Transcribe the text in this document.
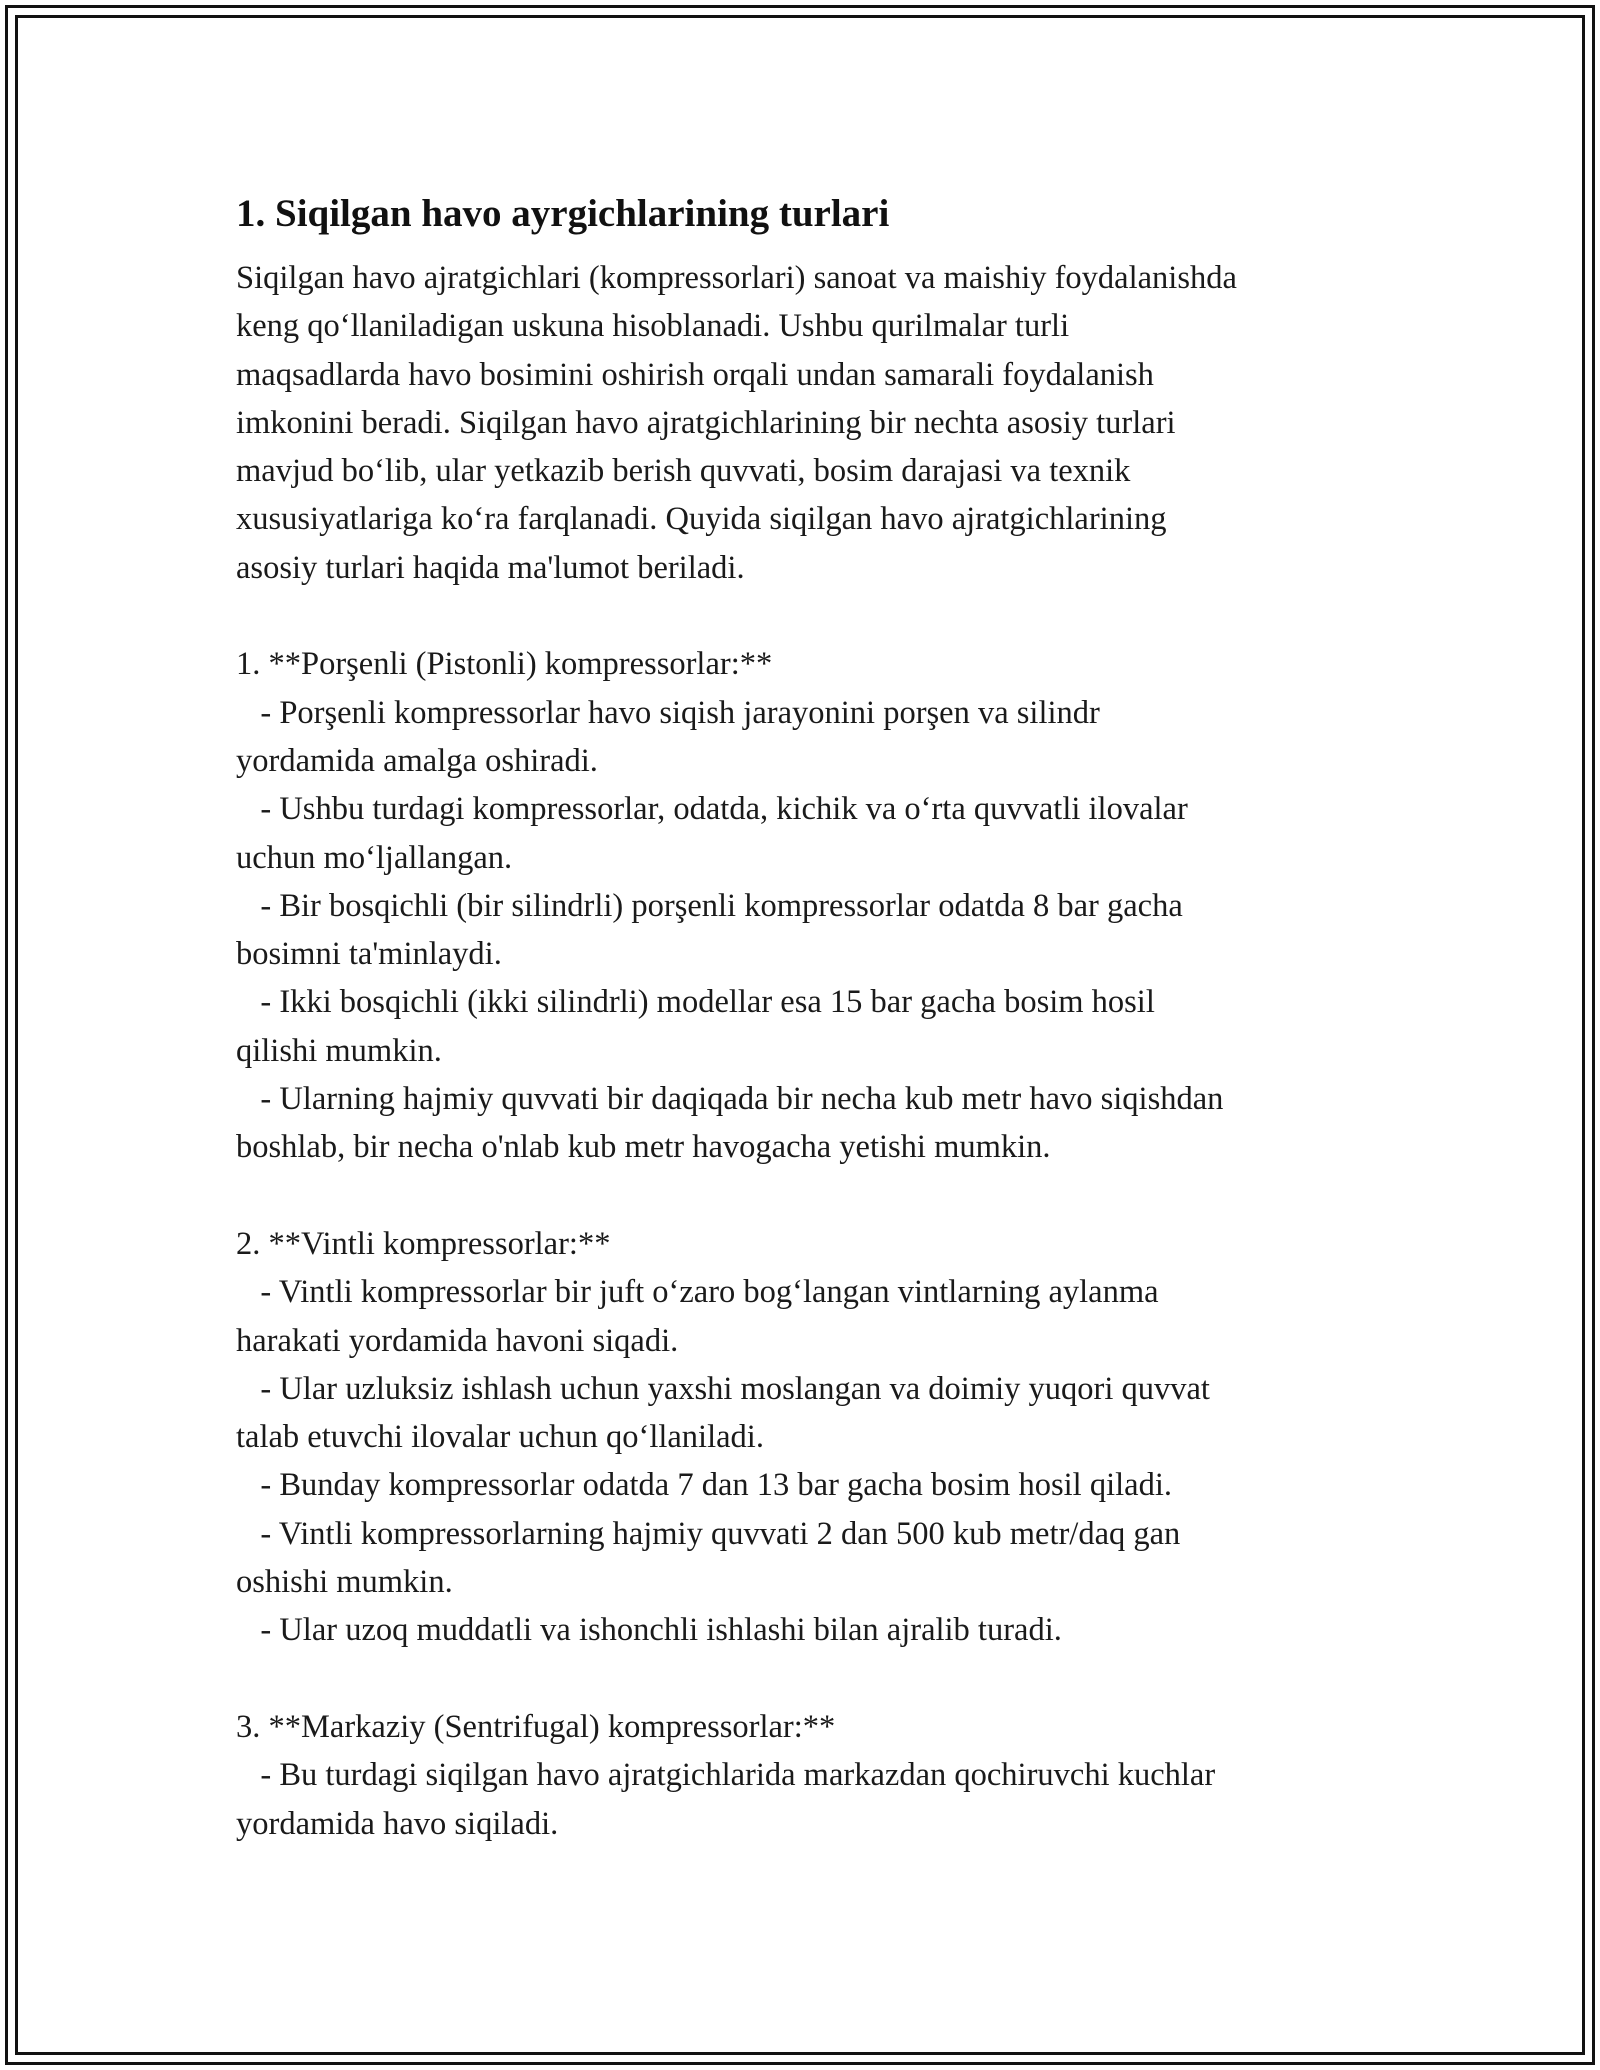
1. Siqilgan havo ayrgichlarining turlari

Siqilgan havo ajratgichlari (kompressorlari) sanoat va maishiy foydalanishda
keng qo‘llaniladigan uskuna hisoblanadi. Ushbu qurilmalar turli
maqsadlarda havo bosimini oshirish orqali undan samarali foydalanish
imkonini beradi. Siqilgan havo ajratgichlarining bir nechta asosiy turlari
mavjud bo‘lib, ular yetkazib berish quvvati, bosim darajasi va texnik
xususiyatlariga ko‘ra farqlanadi. Quyida siqilgan havo ajratgichlarining
asosiy turlari haqida ma'lumot beriladi.

1. **Porşenli (Pistonli) kompressorlar:**

- Porşenli kompressorlar havo siqish jarayonini porşen va silindr
yordamida amalga oshiradi.
- Ushbu turdagi kompressorlar, odatda, kichik va o‘rta quvvatli ilovalar
uchun mo‘ljallangan.
- Bir bosqichli (bir silindrli) porşenli kompressorlar odatda 8 bar gacha
bosimni ta'minlaydi.
- Ikki bosqichli (ikki silindrli) modellar esa 15 bar gacha bosim hosil
qilishi mumkin.
- Ularning hajmiy quvvati bir daqiqada bir necha kub metr havo siqishdan
boshlab, bir necha o'nlab kub metr havogacha yetishi mumkin.

2. **Vintli kompressorlar:**

- Vintli kompressorlar bir juft o‘zaro bog‘langan vintlarning aylanma
harakati yordamida havoni siqadi.
- Ular uzluksiz ishlash uchun yaxshi moslangan va doimiy yuqori quvvat
talab etuvchi ilovalar uchun qo‘llaniladi.
- Bunday kompressorlar odatda 7 dan 13 bar gacha bosim hosil qiladi.
- Vintli kompressorlarning hajmiy quvvati 2 dan 500 kub metr/daq gan
oshishi mumkin.
- Ular uzoq muddatli va ishonchli ishlashi bilan ajralib turadi.

3. **Markaziy (Sentrifugal) kompressorlar:**

- Bu turdagi siqilgan havo ajratgichlarida markazdan qochiruvchi kuchlar
yordamida havo siqiladi.
